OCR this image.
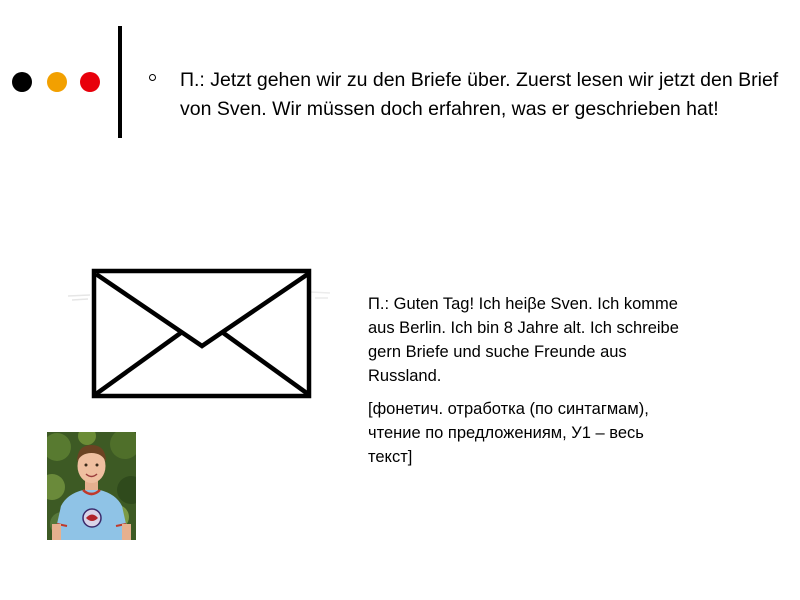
П.: Jetzt gehen wir zu den Briefe über. Zuerst lesen wir jetzt den Brief von Sven. Wir müssen doch erfahren, was er geschrieben hat!

П.: Guten Tag! Ich heiβe Sven. Ich komme aus Berlin. Ich bin 8 Jahre alt. Ich schreibe gern Briefe und suche Freunde aus Russland.

[фонетич. отработка (по синтагмам), чтение по предложениям, У1 – весь текст]
